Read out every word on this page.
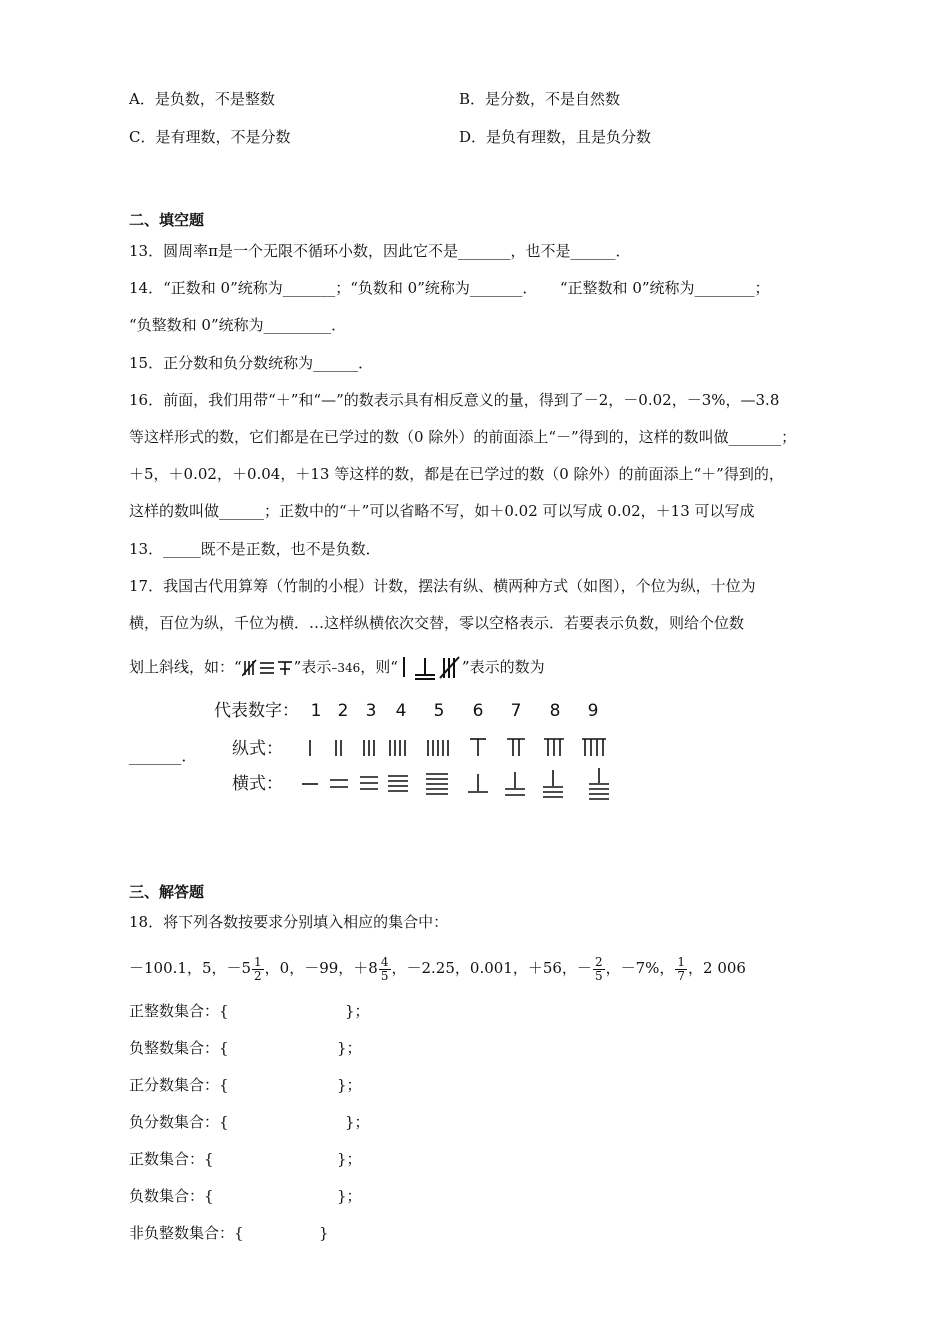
A．是负数，不是整数	B．是分数，不是自然数
C．是有理数，不是分数	D．是负有理数，且是负分数
二、填空题
13．圆周率π是一个无限不循环小数，因此它不是_______，也不是______．
14．“正数和 0”统称为_______；“负数和 0”统称为_______．　　“正整数和 0”统称为________；
“负整数和 0”统称为_________．
15．正分数和负分数统称为______．
16．前面，我们用带“＋”和“—”的数表示具有相反意义的量，得到了－2，－0.02，－3%，—3.8
等这样形式的数，它们都是在已学过的数（0 除外）的前面添上“－”得到的，这样的数叫做_______；
＋5，＋0.02，＋0.04，＋13 等这样的数，都是在已学过的数（0 除外）的前面添上“＋”得到的，
这样的数叫做______；正数中的“＋”可以省略不写，如＋0.02 可以写成 0.02，＋13 可以写成
13．_____既不是正数，也不是负数．
17．我国古代用算筹（竹制的小棍）计数，摆法有纵、横两种方式（如图），个位为纵，十位为
横，百位为纵，千位为横．…这样纵横依次交替，零以空格表示．若要表示负数，则给个位数
划上斜线，如：“	”表示–346，则“	”表示的数为
_______．
代表数字： 1 2 3 4 5 6 7 8 9
纵式：
横式：
三、解答题
18．将下列各数按要求分别填入相应的集合中：
－100.1，5，$-5 \frac{1}{2}$ ，0，－99，$+8 \frac{4}{5}$ ，－2.25，0.001，＋56，－ $\frac{2}{5}$ ，－7%， $\frac{1}{7}$ ，2 006
正整数集合：{	}；
负整数集合：{	}；
正分数集合：{	}；
负分数集合：{	}；
正数集合：{	}；
负数集合：{	}；
非负整数集合：{	}
